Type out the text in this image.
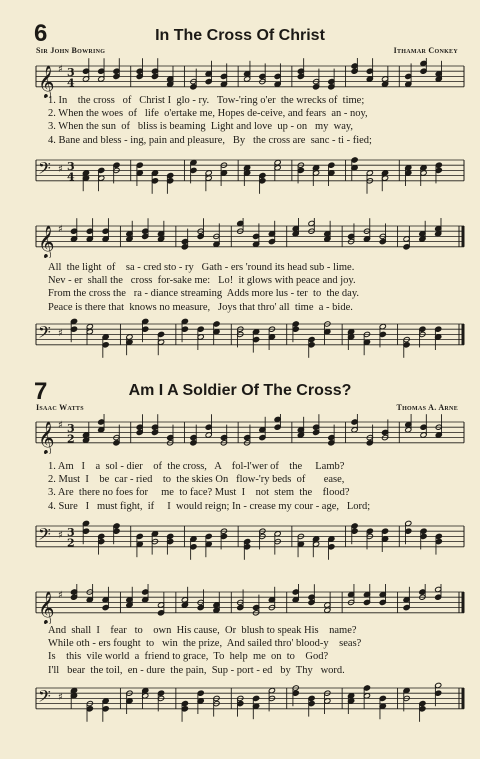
6	In The Cross Of Christ
Sir John Bowring	Ithamar Conkey
𝄞 ♯ 3
4
1. In    the cross   of   Christ I  glo - ry.   Tow-'ring o'er  the wrecks of  time;
2. When the woes  of   life  o'ertake me, Hopes de-ceive, and fears  an - noy,
3. When the sun  of   bliss is beaming  Light and love  up - on   my  way,
4. Bane and bless - ing, pain and pleasure,   By   the cross are  sanc - ti - fied;
𝄢 ♯ 3
4
𝄞 ♯
All  the light  of    sa - cred sto - ry   Gath - ers 'round its head sub - lime.
Nev - er  shall the   cross  for-sake me:   Lo!  it glows with peace and joy.
From the cross the   ra - diance streaming  Adds more lus - ter  to  the day.
Peace is there that  knows no measure,   Joys that thro' all  time  a - bide.
𝄢 ♯
7	Am I A Soldier Of The Cross?
Isaac Watts	Thomas A. Arne
𝄞 ♯ 3
2
1. Am   I    a  sol - dier    of  the cross,   A    fol-l'wer of    the     Lamb?
2. Must  I    be  car - ried    to  the skies On   flow-'ry beds  of       ease,
3. Are  there no foes for     me  to face? Must  I    not  stem  the    flood?
4. Sure   I   must fight,  if     I  would reign; In - crease my cour - age,   Lord;
𝄢 ♯ 3
2
𝄞 ♯
And  shall  I    fear   to    own  His cause,  Or  blush to speak His    name?
While oth - ers fought  to   win  the prize,  And sailed thro' blood-y    seas?
Is    this  vile world  a  friend to grace,  To  help  me  on  to    God?
I'll   bear  the toil,  en - dure  the pain,  Sup - port - ed   by  Thy   word.
𝄢 ♯
